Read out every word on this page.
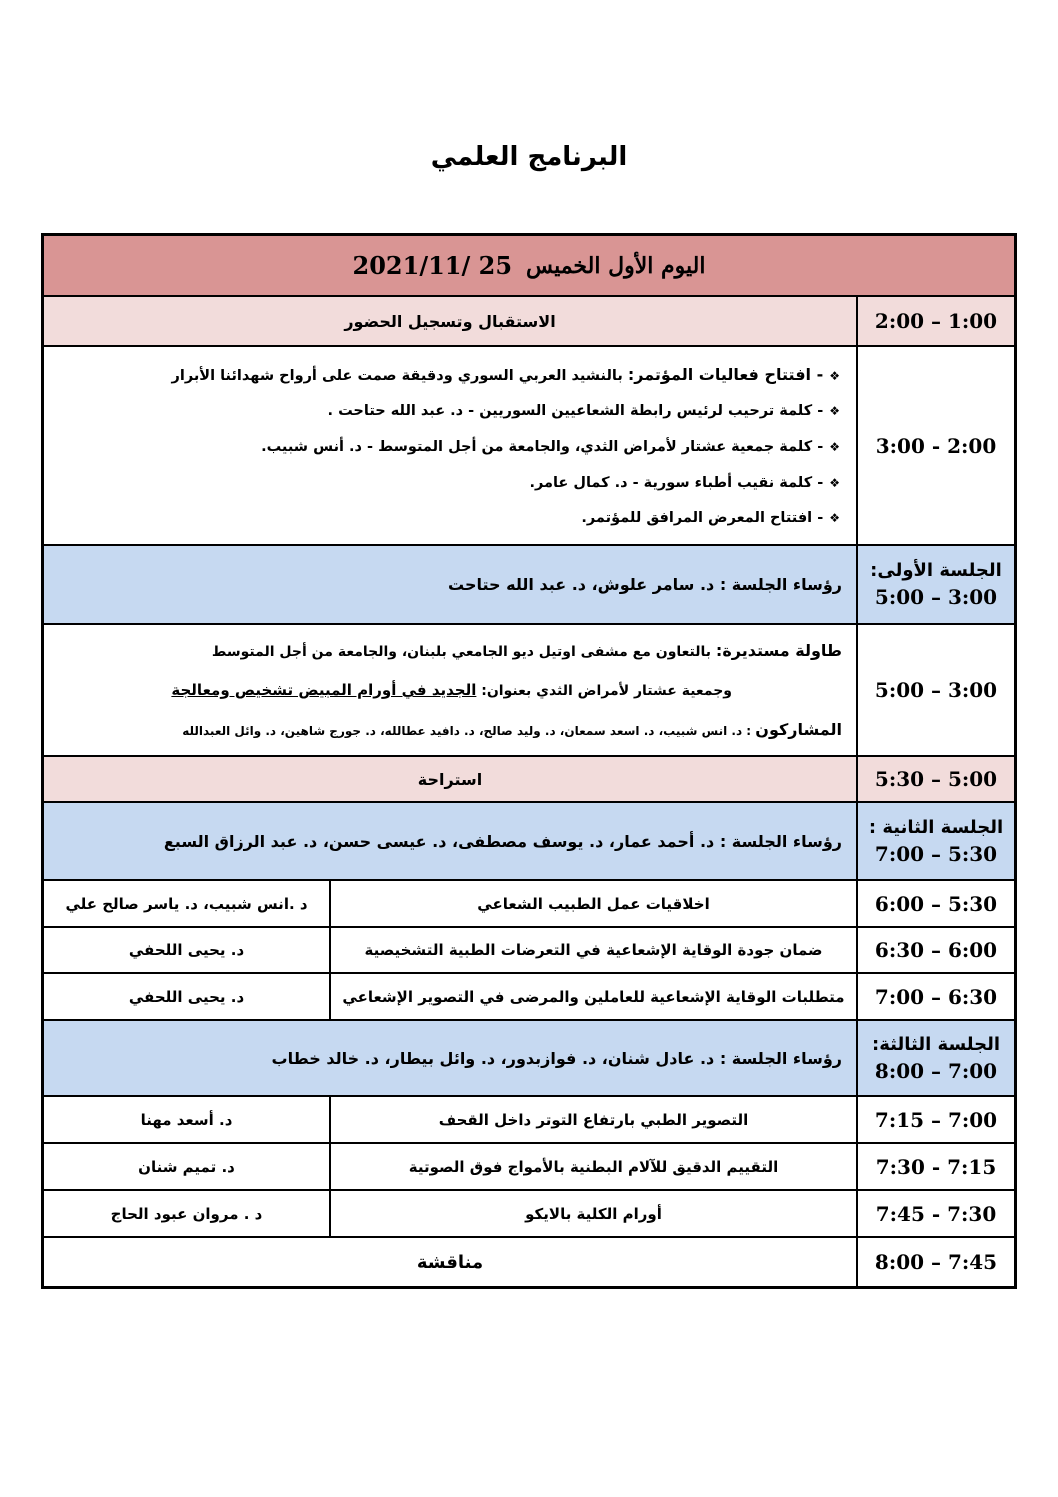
البرنامج العلمي
اليوم الأول الخميس
2021/11/ 25
2:00 – 1:00
الاستقبال وتسجيل الحضور
3:00 - 2:00
❖- افتتاح فعاليات المؤتمر: بالنشيد العربي السوري ودقيقة صمت على أرواح شهدائنا الأبرار
❖- كلمة ترحيب لرئيس رابطة الشعاعيين السوريين - د. عبد الله حتاحت .
❖- كلمة جمعية عشتار لأمراض الثدي، والجامعة من أجل المتوسط - د. أنس شبيب.
❖- كلمة نقيب أطباء سورية - د. كمال عامر.
❖- افتتاح المعرض المرافق للمؤتمر.
الجلسة الأولى:
5:00 – 3:00
رؤساء الجلسة : د. سامر علوش، د. عبد الله حتاحت
5:00 – 3:00
طاولة مستديرة: بالتعاون مع مشفى اوتيل ديو الجامعي بلبنان، والجامعة من أجل المتوسط
وجمعية عشتار لأمراض الثدي بعنوان: الجديد في أورام المبيض تشخيص ومعالجة
المشاركون : د. انس شبيب، د. اسعد سمعان، د. وليد صالح، د. دافيد عطالله، د. جورج شاهين، د. وائل العبدالله
5:30 – 5:00
استراحة
الجلسة الثانية :
7:00 – 5:30
رؤساء الجلسة : د. أحمد عمار، د. يوسف مصطفى، د. عيسى حسن، د. عبد الرزاق السبع
6:00 – 5:30
اخلاقيات عمل الطبيب الشعاعي
د .انس شبيب، د. ياسر صالح علي
6:30 – 6:00
ضمان جودة الوقاية الإشعاعية في التعرضات الطبية التشخيصية
د. يحيى اللحفي
7:00 – 6:30
متطلبات الوقاية الإشعاعية للعاملين والمرضى في التصوير الإشعاعي
د. يحيى اللحفي
الجلسة الثالثة:
8:00 – 7:00
رؤساء الجلسة : د. عادل شنان، د. فوازبدور، د. وائل بيطار، د. خالد خطاب
7:15 – 7:00
التصوير الطبي بارتفاع التوتر داخل القحف
د. أسعد مهنا
7:30 - 7:15
التقييم الدقيق للآلام البطنية بالأمواج فوق الصوتية
د. تميم شنان
7:45 - 7:30
أورام الكلية بالايكو
د . مروان عبود الحاج
8:00 – 7:45
مناقشة
